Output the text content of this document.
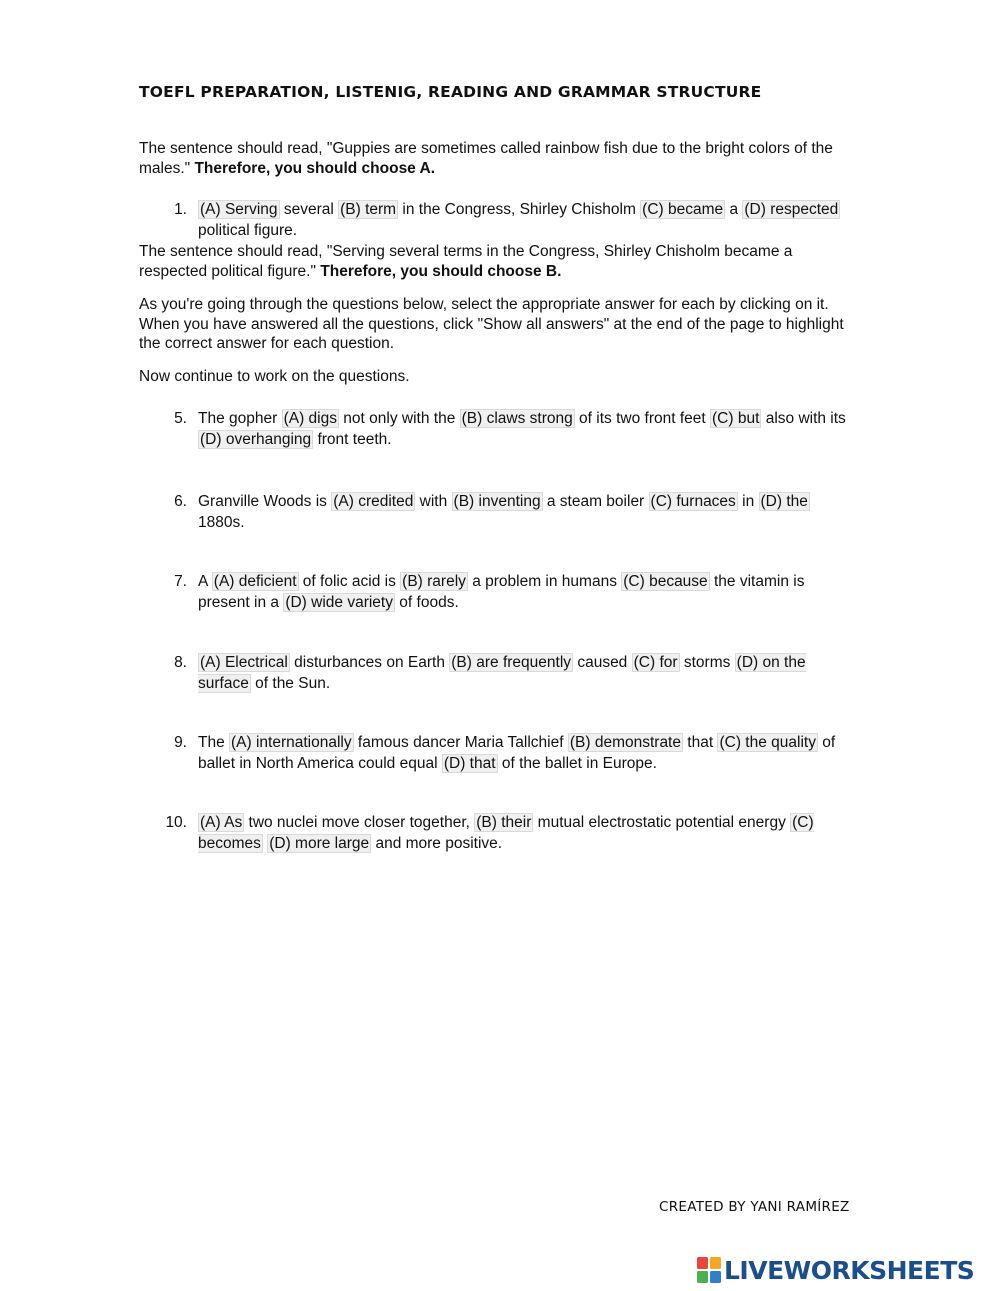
TOEFL PREPARATION, LISTENIG, READING AND GRAMMAR STRUCTURE

The sentence should read, "Guppies are sometimes called rainbow fish due to the bright colors of the males." Therefore, you should choose A.

1. (A) Serving several (B) term in the Congress, Shirley Chisholm (C) became a (D) respected political figure.

The sentence should read, "Serving several terms in the Congress, Shirley Chisholm became a respected political figure." Therefore, you should choose B.

As you're going through the questions below, select the appropriate answer for each by clicking on it. When you have answered all the questions, click "Show all answers" at the end of the page to highlight the correct answer for each question.

Now continue to work on the questions.

5. The gopher (A) digs not only with the (B) claws strong of its two front feet (C) but also with its (D) overhanging front teeth.
6. Granville Woods is (A) credited with (B) inventing a steam boiler (C) furnaces in (D) the 1880s.
7. A (A) deficient of folic acid is (B) rarely a problem in humans (C) because the vitamin is present in a (D) wide variety of foods.
8. (A) Electrical disturbances on Earth (B) are frequently caused (C) for storms (D) on the surface of the Sun.
9. The (A) internationally famous dancer Maria Tallchief (B) demonstrate that (C) the quality of ballet in North America could equal (D) that of the ballet in Europe.
10. (A) As two nuclei move closer together, (B) their mutual electrostatic potential energy (C) becomes (D) more large and more positive.
CREATED BY YANI RAMÍREZ
LIVEWORKSHEETS
